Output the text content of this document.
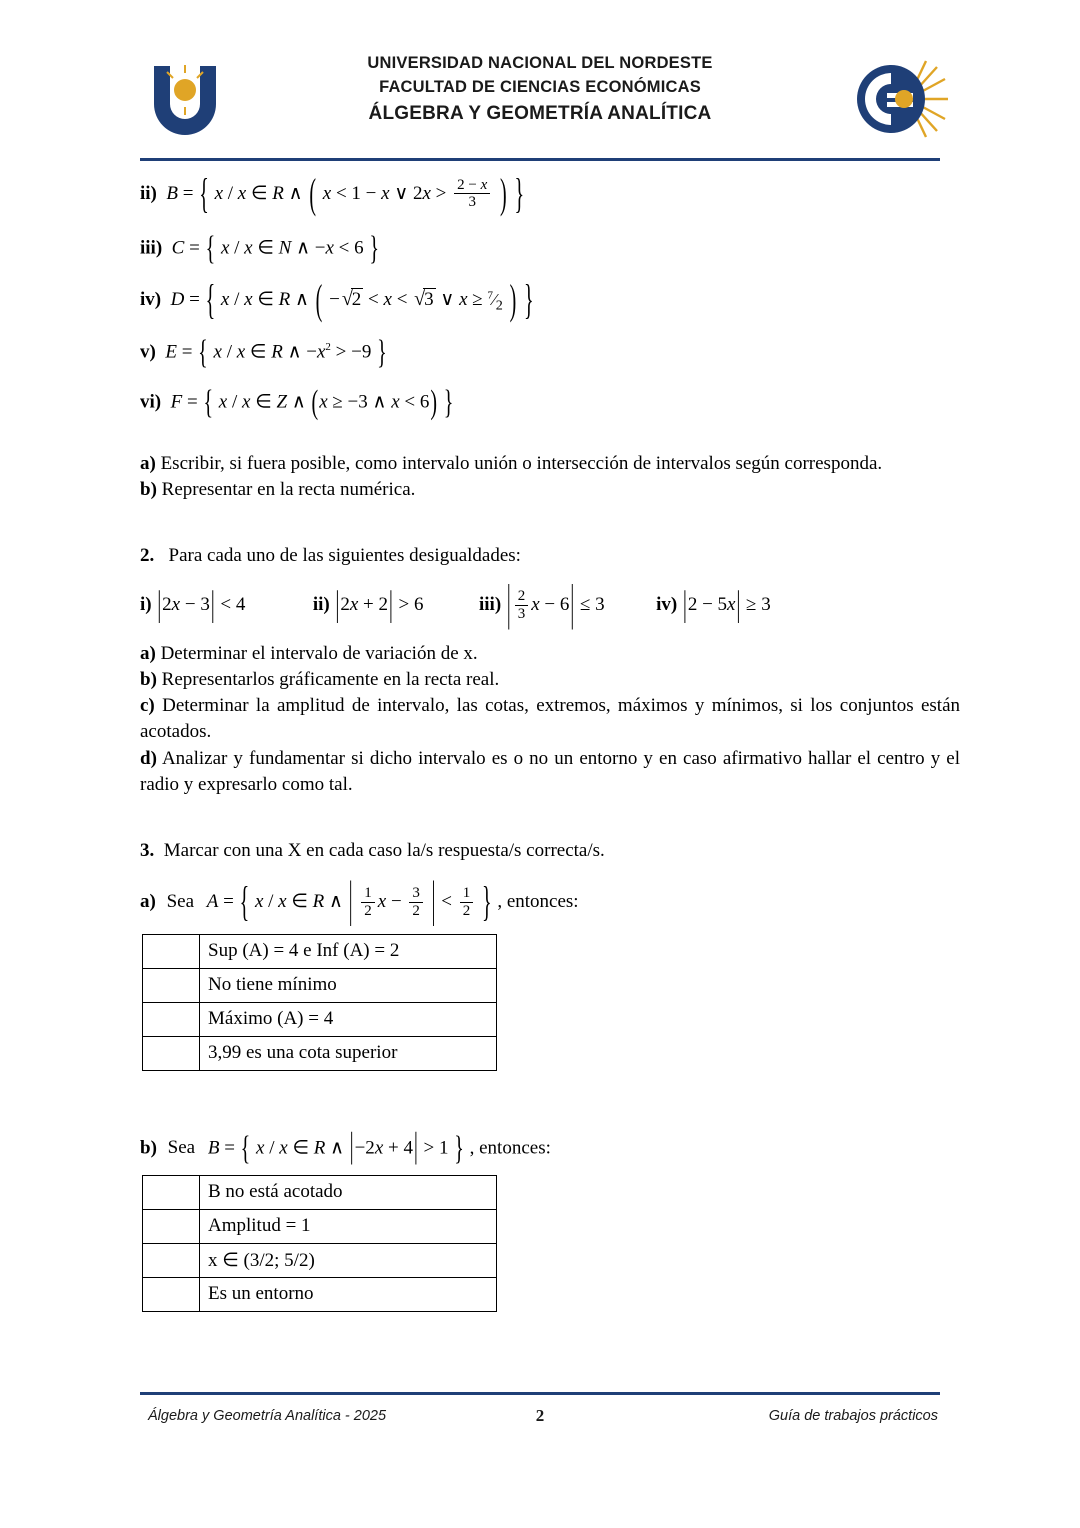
UNIVERSIDAD NACIONAL DEL NORDESTE
FACULTAD DE CIENCIAS ECONÓMICAS
ÁLGEBRA Y GEOMETRÍA ANALÍTICA

ii)  B = { x / x ∈ R ∧ ( x < 1 − x ∨ $2x > \frac{2 - x}{3}$ ) }

iii)  C = { x / x ∈ N ∧ −x < 6 }

iv)  D = { x / x ∈ R ∧ ( − √2 < x < √3 ∨ $x \ge ^7⁄_2$ ) }

v)  E = { x / x ∈ R ∧ $-x^2 > -9$ }

vi)  F = { x / x ∈ Z ∧ (x ≥ −3 ∧ x < 6) }

a) Escribir, si fuera posible, como intervalo unión o intersección de intervalos según corresponda.

b) Representar en la recta numérica.

2. Para cada uno de las siguientes desigualdades:

i) |2x − 3| < 4	ii) |2x + 2| > 6	iii) | $\frac{2}{3}$ x − 6| ≤ 3  iv) |2 − 5x| ≥ 3

a) Determinar el intervalo de variación de x.

b) Representarlos gráficamente en la recta real.

c) Determinar la amplitud de intervalo, las cotas, extremos, máximos y mínimos, si los conjuntos están acotados.

d) Analizar y fundamentar si dicho intervalo es o no un entorno y en caso afirmativo hallar el centro y el radio y expresarlo como tal.

3. Marcar con una X en cada caso la/s respuesta/s correcta/s.

a) Sea A = { x / x ∈ R ∧ | $\frac{1}{2}$ $x - \frac{3}{2}$ | < $\frac{1}{2}$ } , entonces:

	Sup (A) = 4 e Inf (A) = 2
	No tiene mínimo
	Máximo (A) = 4
	3,99 es una cota superior

b) Sea B = { x / x ∈ R ∧ |−2x + 4| > 1 } , entonces:

	B no está acotado
	Amplitud = 1
	x ∈ (3/2; 5/2)
	Es un entorno
Álgebra y Geometría Analítica - 2025	2	Guía de trabajos prácticos
